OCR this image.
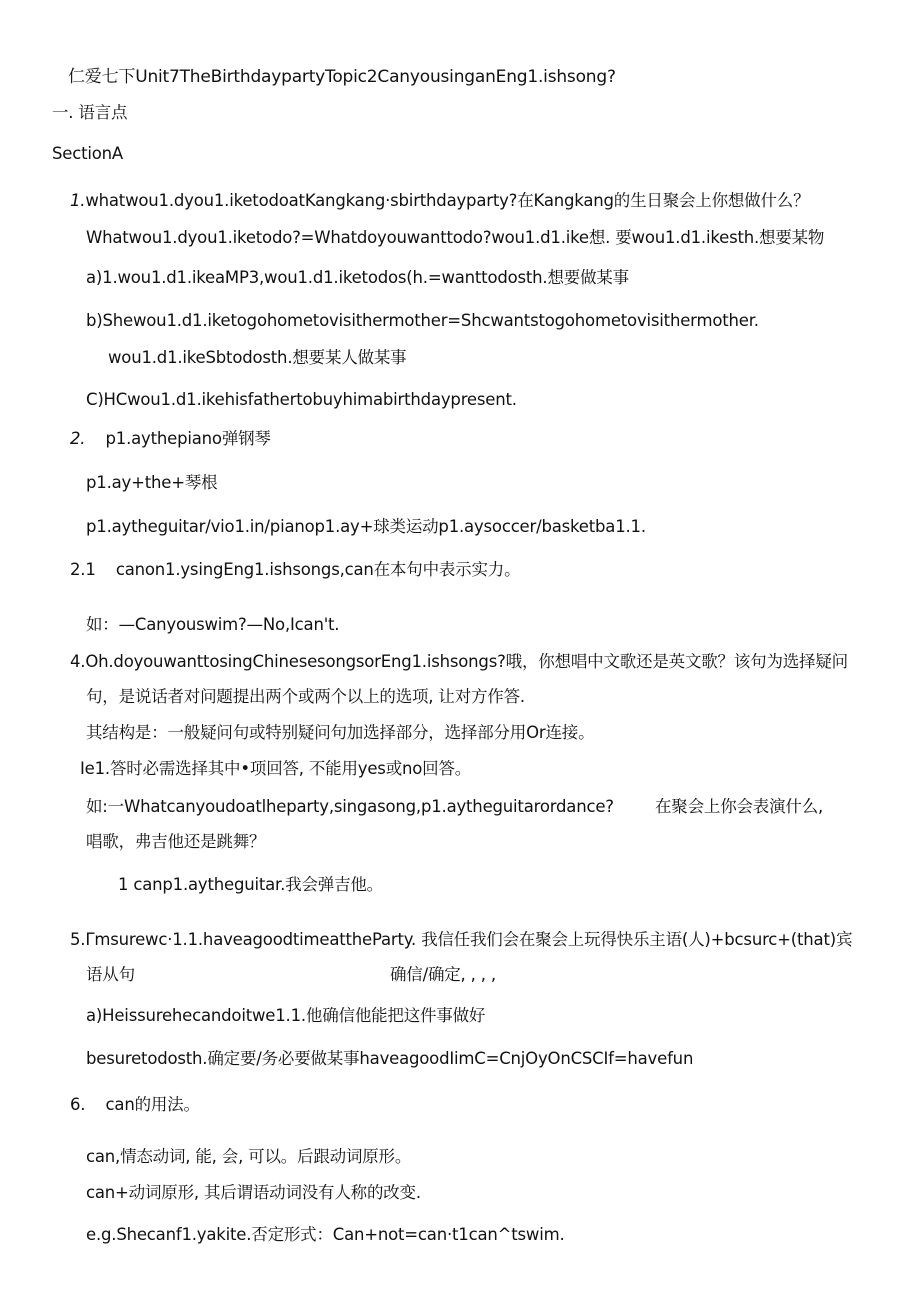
仁爱七下Unit7TheBirthdaypartyTopic2CanyousinganEng1.ishsong?
一. 语言点
SectionA
1.whatwou1.dyou1.iketodoatKangkang·sbirthdayparty?在Kangkang的生日聚会上你想做什么？
Whatwou1.dyou1.iketodo?=Whatdoyouwanttodo?wou1.d1.ike想. 要wou1.d1.ikesth.想要某物
a)1.wou1.d1.ikeaMP3,wou1.d1.iketodos(h.=wanttodosth.想要做某事
b)Shewou1.d1.iketogohometovisithermother=Shcwantstogohometovisithermother.
wou1.d1.ikeSbtodosth.想要某人做某事
C)HCwou1.d1.ikehisfathertobuyhimabirthdaypresent.
2. p1.aythepiano弹钢琴
p1.ay+the+琴根
p1.aytheguitar/vio1.in/pianop1.ay+球类运动p1.aysoccer/basketba1.1.
2.1 canon1.ysingEng1.ishsongs,can在本句中表示实力。
如：—Canyouswim?—No,Ican't.
4.Oh.doyouwanttosingChinesesongsorEng1.ishsongs?哦，你想唱中文歌还是英文歌？该句为选择疑问
句，是说话者对问题提出两个或两个以上的选项, 让对方作答.
其结构是：一般疑问句或特别疑问句加选择部分，选择部分用Or连接。
Ie1.答时必需选择其中•项回答, 不能用yes或no回答。
如:一Whatcanyoudoatlheparty,singasong,p1.aytheguitarordance? 在聚会上你会表演什么,
唱歌，弗吉他还是跳舞？
1 canp1.aytheguitar.我会弹吉他。
5.Γmsurewc·1.1.haveagoodtimeattheParty. 我信任我们会在聚会上玩得快乐主语(人)+bcsurc+(that)宾
语从句	确信/确定, , , ,
a)Heissurehecandoitwe1.1.他确信他能把这件事做好
besuretodosth.确定要/务必要做某事haveagoodIimC=CnjOyOnCSCIf=havefun
6. can的用法。
can,情态动词, 能, 会, 可以。后跟动词原形。
can+动词原形, 其后谓语动词没有人称的改变.
e.g.Shecanf1.yakite.否定形式：Can+not=can·t1can^tswim.
